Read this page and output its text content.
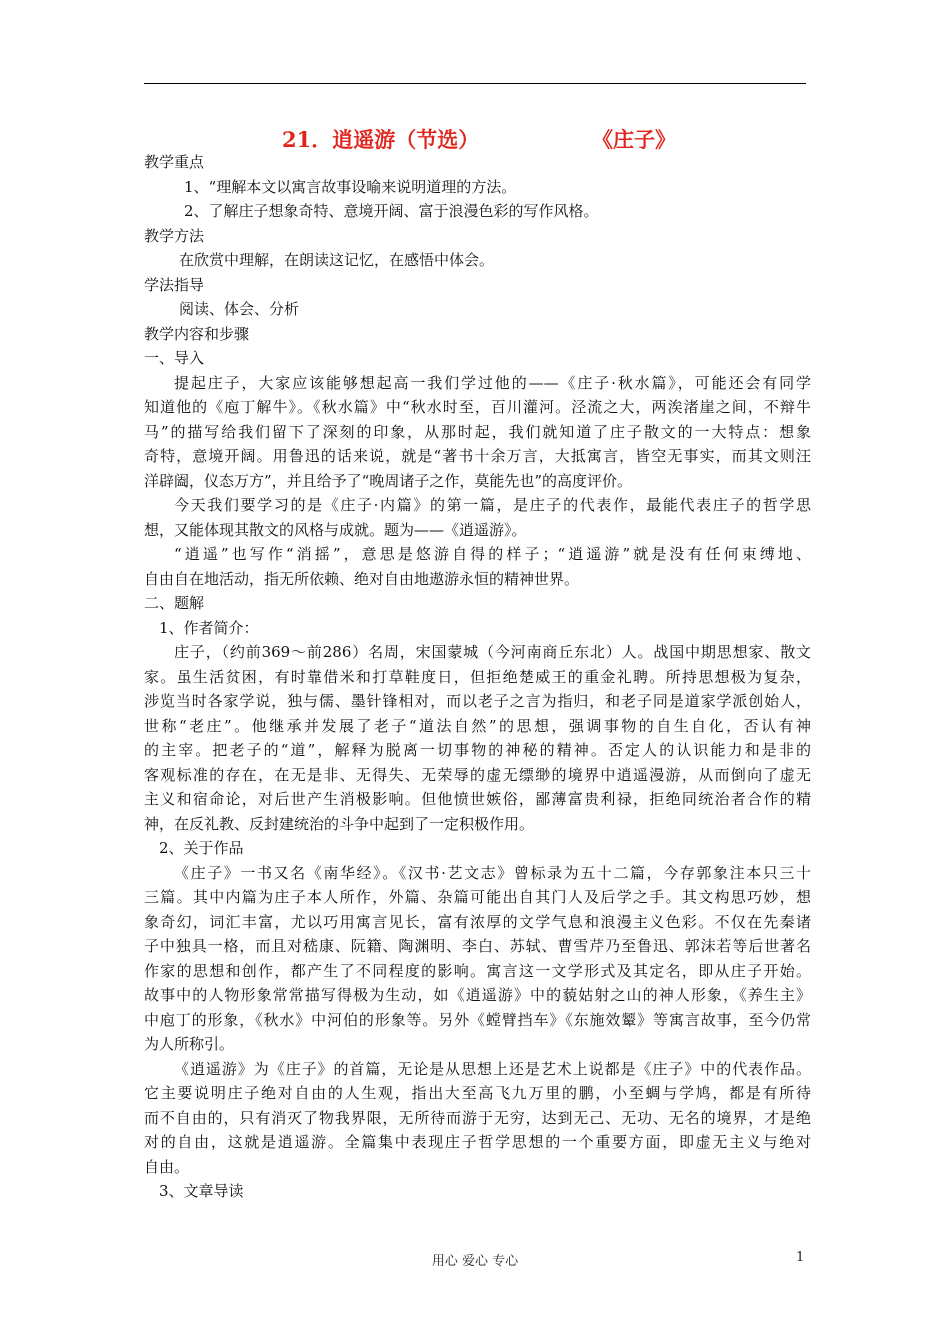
21．逍遥游（节选）	《庄子》
教学重点
1、“理解本文以寓言故事设喻来说明道理的方法。
2、了解庄子想象奇特、意境开阔、富于浪漫色彩的写作风格。
教学方法
在欣赏中理解，在朗读这记忆，在感悟中体会。
学法指导
阅读、体会、分析
教学内容和步骤
一、导入
提起庄子，大家应该能够想起高一我们学过他的——《庄子·秋水篇》，可能还会有同学
知道他的《庖丁解牛》。《秋水篇》中“秋水时至，百川灌河。泾流之大，两涘渚崖之间，不辩牛
马”的描写给我们留下了深刻的印象，从那时起，我们就知道了庄子散文的一大特点：想象
奇特，意境开阔。用鲁迅的话来说，就是“著书十余万言，大抵寓言，皆空无事实，而其文则汪
洋辟阖，仪态万方”，并且给予了“晚周诸子之作，莫能先也”的高度评价。
今天我们要学习的是《庄子·内篇》的第一篇，是庄子的代表作，最能代表庄子的哲学思
想，又能体现其散文的风格与成就。题为——《逍遥游》。
“逍遥”也写作“消摇”，意思是悠游自得的样子；“逍遥游”就是没有任何束缚地、
自由自在地活动，指无所依赖、绝对自由地遨游永恒的精神世界。
二、题解
1、作者简介：
庄子，（约前369～前286）名周，宋国蒙城（今河南商丘东北）人。战国中期思想家、散文
家。虽生活贫困，有时靠借米和打草鞋度日，但拒绝楚威王的重金礼聘。所持思想极为复杂，
涉览当时各家学说，独与儒、墨针锋相对，而以老子之言为指归，和老子同是道家学派创始人，
世称“老庄”。他继承并发展了老子“道法自然”的思想，强调事物的自生自化，否认有神
的主宰。把老子的“道”，解释为脱离一切事物的神秘的精神。否定人的认识能力和是非的
客观标准的存在，在无是非、无得失、无荣辱的虚无缥缈的境界中逍遥漫游，从而倒向了虚无
主义和宿命论，对后世产生消极影响。但他愤世嫉俗，鄙薄富贵利禄，拒绝同统治者合作的精
神，在反礼教、反封建统治的斗争中起到了一定积极作用。
2、关于作品
《庄子》一书又名《南华经》。《汉书·艺文志》曾标录为五十二篇，今存郭象注本只三十
三篇。其中内篇为庄子本人所作，外篇、杂篇可能出自其门人及后学之手。其文构思巧妙，想
象奇幻，词汇丰富，尤以巧用寓言见长，富有浓厚的文学气息和浪漫主义色彩。不仅在先秦诸
子中独具一格，而且对嵇康、阮籍、陶渊明、李白、苏轼、曹雪芹乃至鲁迅、郭沫若等后世著名
作家的思想和创作，都产生了不同程度的影响。寓言这一文学形式及其定名，即从庄子开始。
故事中的人物形象常常描写得极为生动，如《逍遥游》中的藐姑射之山的神人形象，《养生主》
中庖丁的形象，《秋水》中河伯的形象等。另外《螳臂挡车》《东施效颦》等寓言故事，至今仍常
为人所称引。
《逍遥游》为《庄子》的首篇，无论是从思想上还是艺术上说都是《庄子》中的代表作品。
它主要说明庄子绝对自由的人生观，指出大至高飞九万里的鹏，小至蜩与学鸠，都是有所待
而不自由的，只有消灭了物我界限，无所待而游于无穷，达到无己、无功、无名的境界，才是绝
对的自由，这就是逍遥游。全篇集中表现庄子哲学思想的一个重要方面，即虚无主义与绝对
自由。
3、文章导读
用心 爱心 专心	1
